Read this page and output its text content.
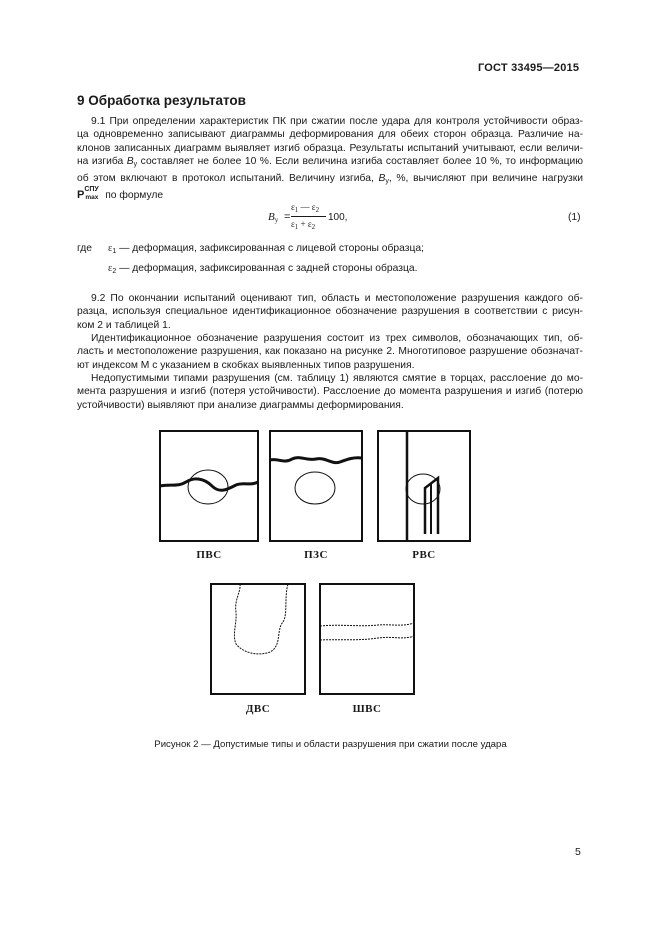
ГОСТ 33495—2015
9 Обработка результатов
9.1 При определении характеристик ПК при сжатии после удара для контроля устойчивости образ-
ца одновременно записывают диаграммы деформирования для обеих сторон образца. Различие на-
клонов записанных диаграмм выявляет изгиб образца. Результаты испытаний учитывают, если величи-
на изгиба $B_y$ составляет не более 10 %. Если величина изгиба составляет более 10 %, то информацию
об этом включают в протокол испытаний. Величину изгиба, $B_y$, %, вычисляют при величине нагрузки
P СПУ
max по формуле
$B_y$ =
$\varepsilon_1$ — $\varepsilon_2$
$\varepsilon_1 + \varepsilon_2$
100,	(1)
где $\varepsilon_1$ — деформация, зафиксированная с лицевой стороны образца;
$\varepsilon_2$ — деформация, зафиксированная с задней стороны образца.
9.2 По окончании испытаний оценивают тип, область и местоположение разрушения каждого об-
разца, используя специальное идентификационное обозначение разрушения в соответствии с рисун-
ком 2 и таблицей 1.
Идентификационное обозначение разрушения состоит из трех символов, обозначающих тип, об-
ласть и местоположение разрушения, как показано на рисунке 2. Многотиповое разрушение обозначат-
ют индексом М с указанием в скобках выявленных типов разрушения.
Недопустимыми типами разрушения (см. таблицу 1) являются смятие в торцах, расслоение до мо-
мента разрушения и изгиб (потеря устойчивости). Расслоение до момента разрушения и изгиб (потерю
устойчивости) выявляют при анализе диаграммы деформирования.
ПВС	ПЗС	РВС
ДВС	ШВС
Рисунок 2 — Допустимые типы и области разрушения при сжатии после удара
5
